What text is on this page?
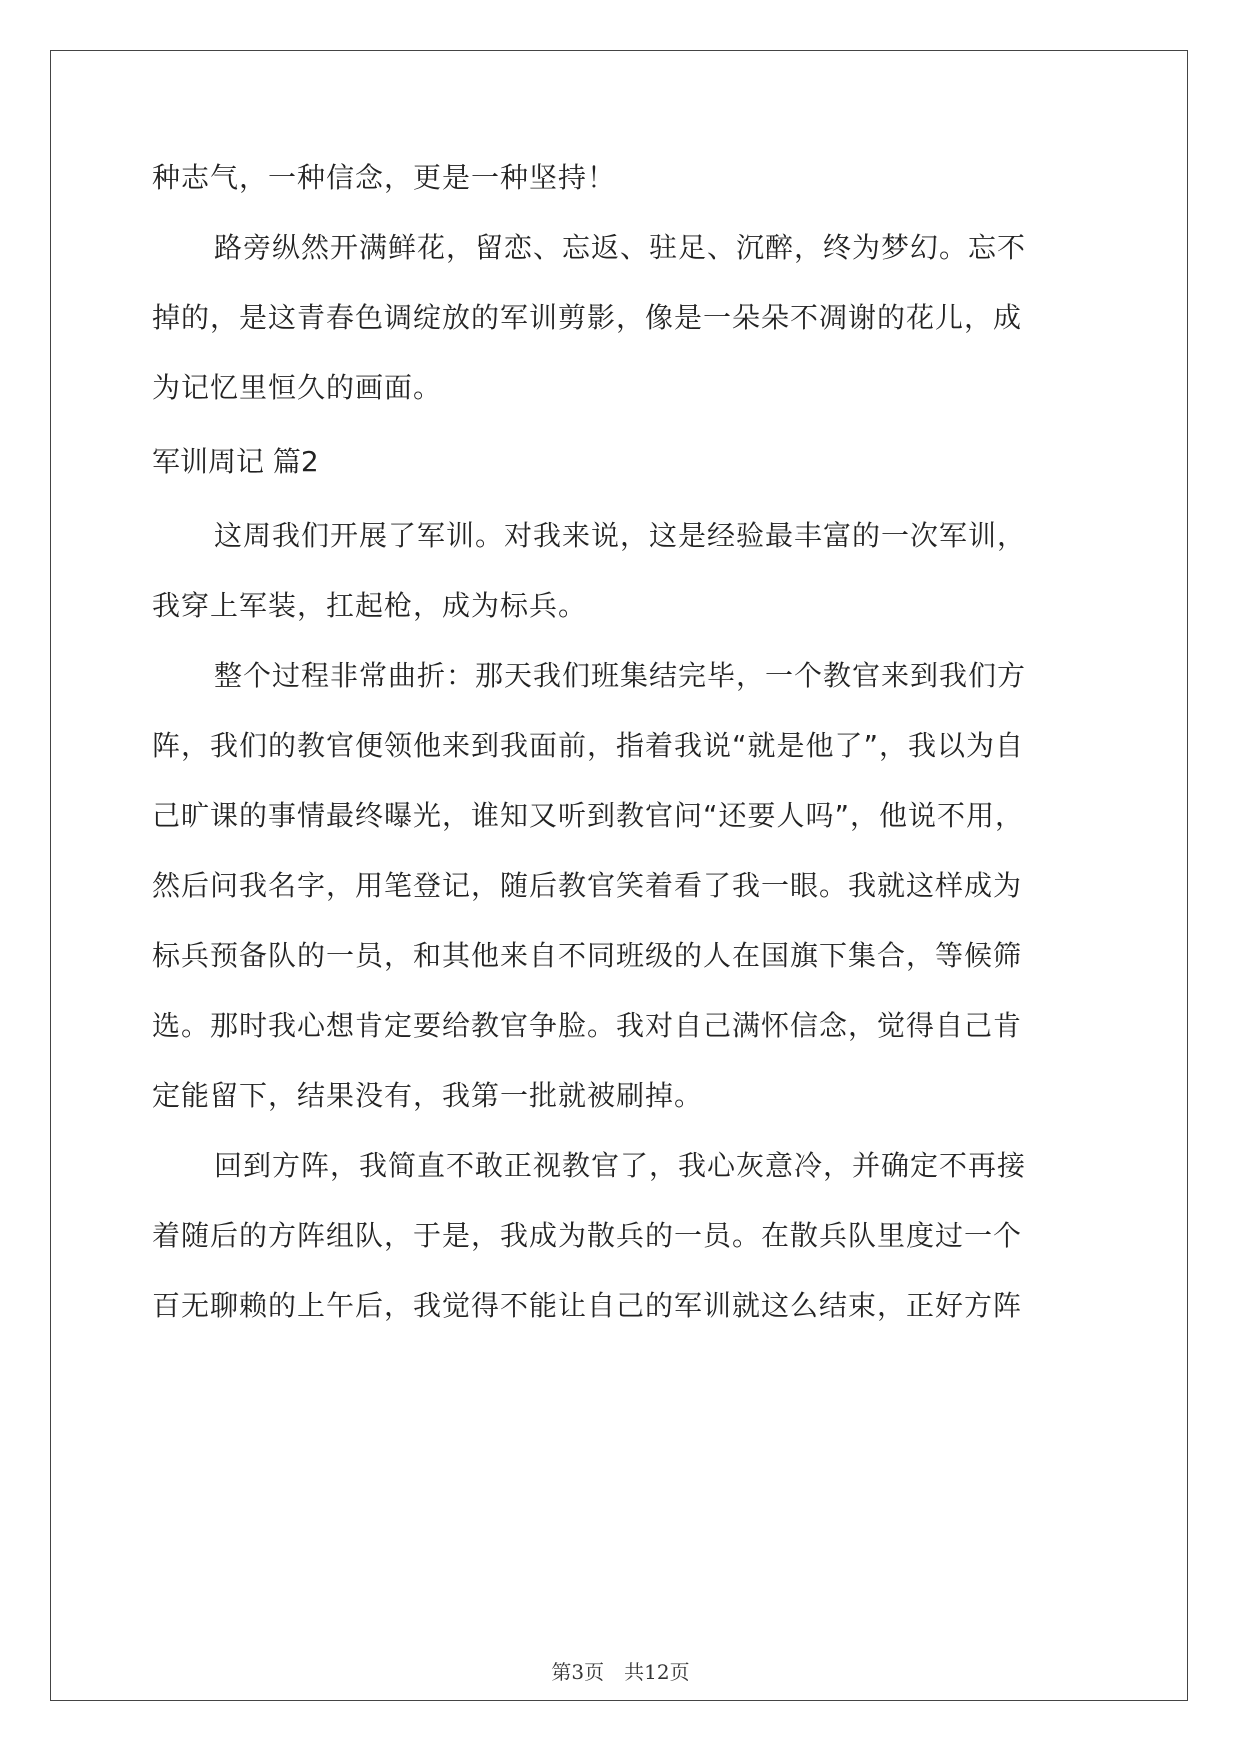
种志气，一种信念，更是一种坚持！
路旁纵然开满鲜花，留恋、忘返、驻足、沉醉，终为梦幻。忘不
掉的，是这青春色调绽放的军训剪影，像是一朵朵不凋谢的花儿，成
为记忆里恒久的画面。
军训周记 篇2
这周我们开展了军训。对我来说，这是经验最丰富的一次军训，
我穿上军装，扛起枪，成为标兵。
整个过程非常曲折：那天我们班集结完毕，一个教官来到我们方
阵，我们的教官便领他来到我面前，指着我说“就是他了”，我以为自
己旷课的事情最终曝光，谁知又听到教官问“还要人吗”，他说不用，
然后问我名字，用笔登记，随后教官笑着看了我一眼。我就这样成为
标兵预备队的一员，和其他来自不同班级的人在国旗下集合，等候筛
选。那时我心想肯定要给教官争脸。我对自己满怀信念，觉得自己肯
定能留下，结果没有，我第一批就被刷掉。
回到方阵，我简直不敢正视教官了，我心灰意冷，并确定不再接
着随后的方阵组队，于是，我成为散兵的一员。在散兵队里度过一个
百无聊赖的上午后，我觉得不能让自己的军训就这么结束，正好方阵
第3页　共12页
